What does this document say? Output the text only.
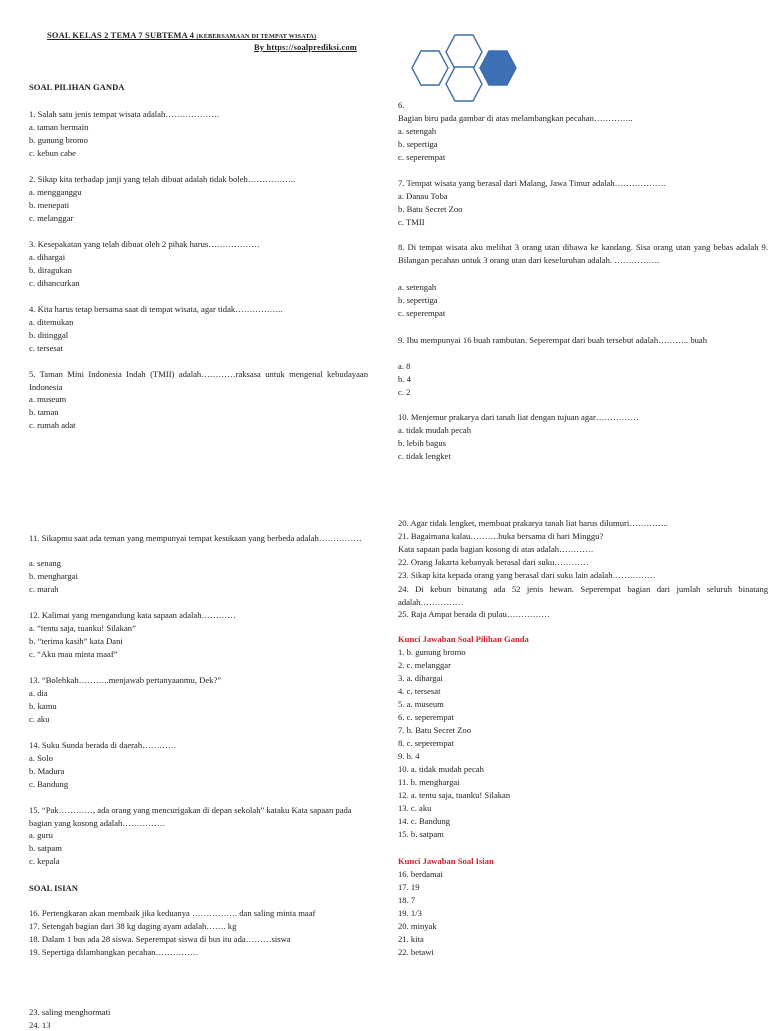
SOAL KELAS 2 TEMA 7 SUBTEMA 4 (KEBERSAMAAN DI TEMPAT WISATA)
By https://soalprediksi.com
SOAL PILIHAN GANDA
1. Salah satu jenis tempat wisata adalah……………….
a. taman bermain
b. gunung bromo
c. kebun cabe
2. Sikap kita terhadap janji yang telah dibuat adalah tidak boleh……………..
a. mengganggu
b. menepati
c. melanggar
3. Kesepakatan yang telah dibuat oleh 2 pihak harus………………
a. dihargai
b. diragukan
c. dihancurkan
4. Kita harus tetap bersama saat di tempat wisata, agar tidak……………..
a. ditemukan
b. ditinggal
c. tersesat
5. Taman Mini Indonesia Indah (TMII) adalah…………raksasa untuk mengenal kebudayaan Indonesia
a. museum
b. taman
c. rumah adat
6.
Bagian biru pada gambar di atas melambangkan pecahan…………..
a. setengah
b. sepertiga
c. seperempat
7. Tempat wisata yang berasal dari Malang, Jawa Timur adalah………………
a. Danau Toba
b. Batu Secret Zoo
c. TMII
8. Di tempat wisata aku melihat 3 orang utan dibawa ke kandang. Sisa orang utan yang bebas adalah 9. Bilangan pecahan untuk 3 orang utan dari keseluruhan adalah. …………….
a. setengah
b. sepertiga
c. seperempat
9. Ibu mempunyai 16 buah rambutan. Seperempat dari buah tersebut adalah……….. buah
a. 8
b. 4
c. 2
10. Menjemur prakarya dari tanah liat dengan tujuan agar……………
a. tidak mudah pecah
b. lebih bagus
c. tidak lengket
11. Sikapmu saat ada teman yang mempunyai tempat kesukaan yang berbeda adalah……………
a. senang
b. menghargai
c. marah
12. Kalimat yang mengandung kata sapaan adalah…………
a. “tentu saja, tuanku! Silakan”
b. “terima kasih” kata Dani
c. “Aku mau minta maaf”
13. “Bolehkah………..menjawab pertanyaanmu, Dek?”
a. dia
b. kamu
c. aku
14. Suku Sunda berada di daerah…………
a. Solo
b. Madura
c. Bandung
15. “Pak…………, ada orang yang mencurigakan di depan sekolah” kataku Kata sapaan pada bagian yang kosong adalah……………
a. guru
b. satpam
c. kepala
SOAL ISIAN
16. Pertengkaran akan membaik jika keduanya ……………. dan saling minta maaf
17. Setengah bagian dari 38 kg daging ayam adalah……. kg
18. Dalam 1 bus ada 28 siswa. Seperempat siswa di bus itu ada………siswa
19. Sepertiga dilambangkan pecahan……………
23. saling menghormati
24. 13
20. Agar tidak lengket, membuat prakarya tanah liat harus dilumuri…………..
21. Bagaimana kalau……….buka bersama di hari Minggu?
Kata sapaan pada bagian kosong di atas adalah…………
22. Orang Jakarta kebanyak berasal dari suku…………
23. Sikap kita kepada orang yang berasal dari suku lain adalah……………
24. Di kebun binatang ada 52 jenis hewan. Seperempat bagian dari jumlah seluruh binatang adalah……………
25. Raja Ampat berada di pulau……………
Kunci Jawaban Soal Pilihan Ganda
1. b. gunung bromo
2. c. melanggar
3. a. dihargai
4. c. tersesat
5. a. museum
6. c. seperempat
7. b. Batu Secret Zoo
8. c. seperempat
9. b. 4
10. a. tidak mudah pecah
11. b. menghargai
12. a. tentu saja, tuanku! Silakan
13. c. aku
14. c. Bandung
15. b. satpam
Kunci Jawaban Soal Isian
16. berdamai
17. 19
18. 7
19. 1/3
20. minyak
21. kita
22. betawi
